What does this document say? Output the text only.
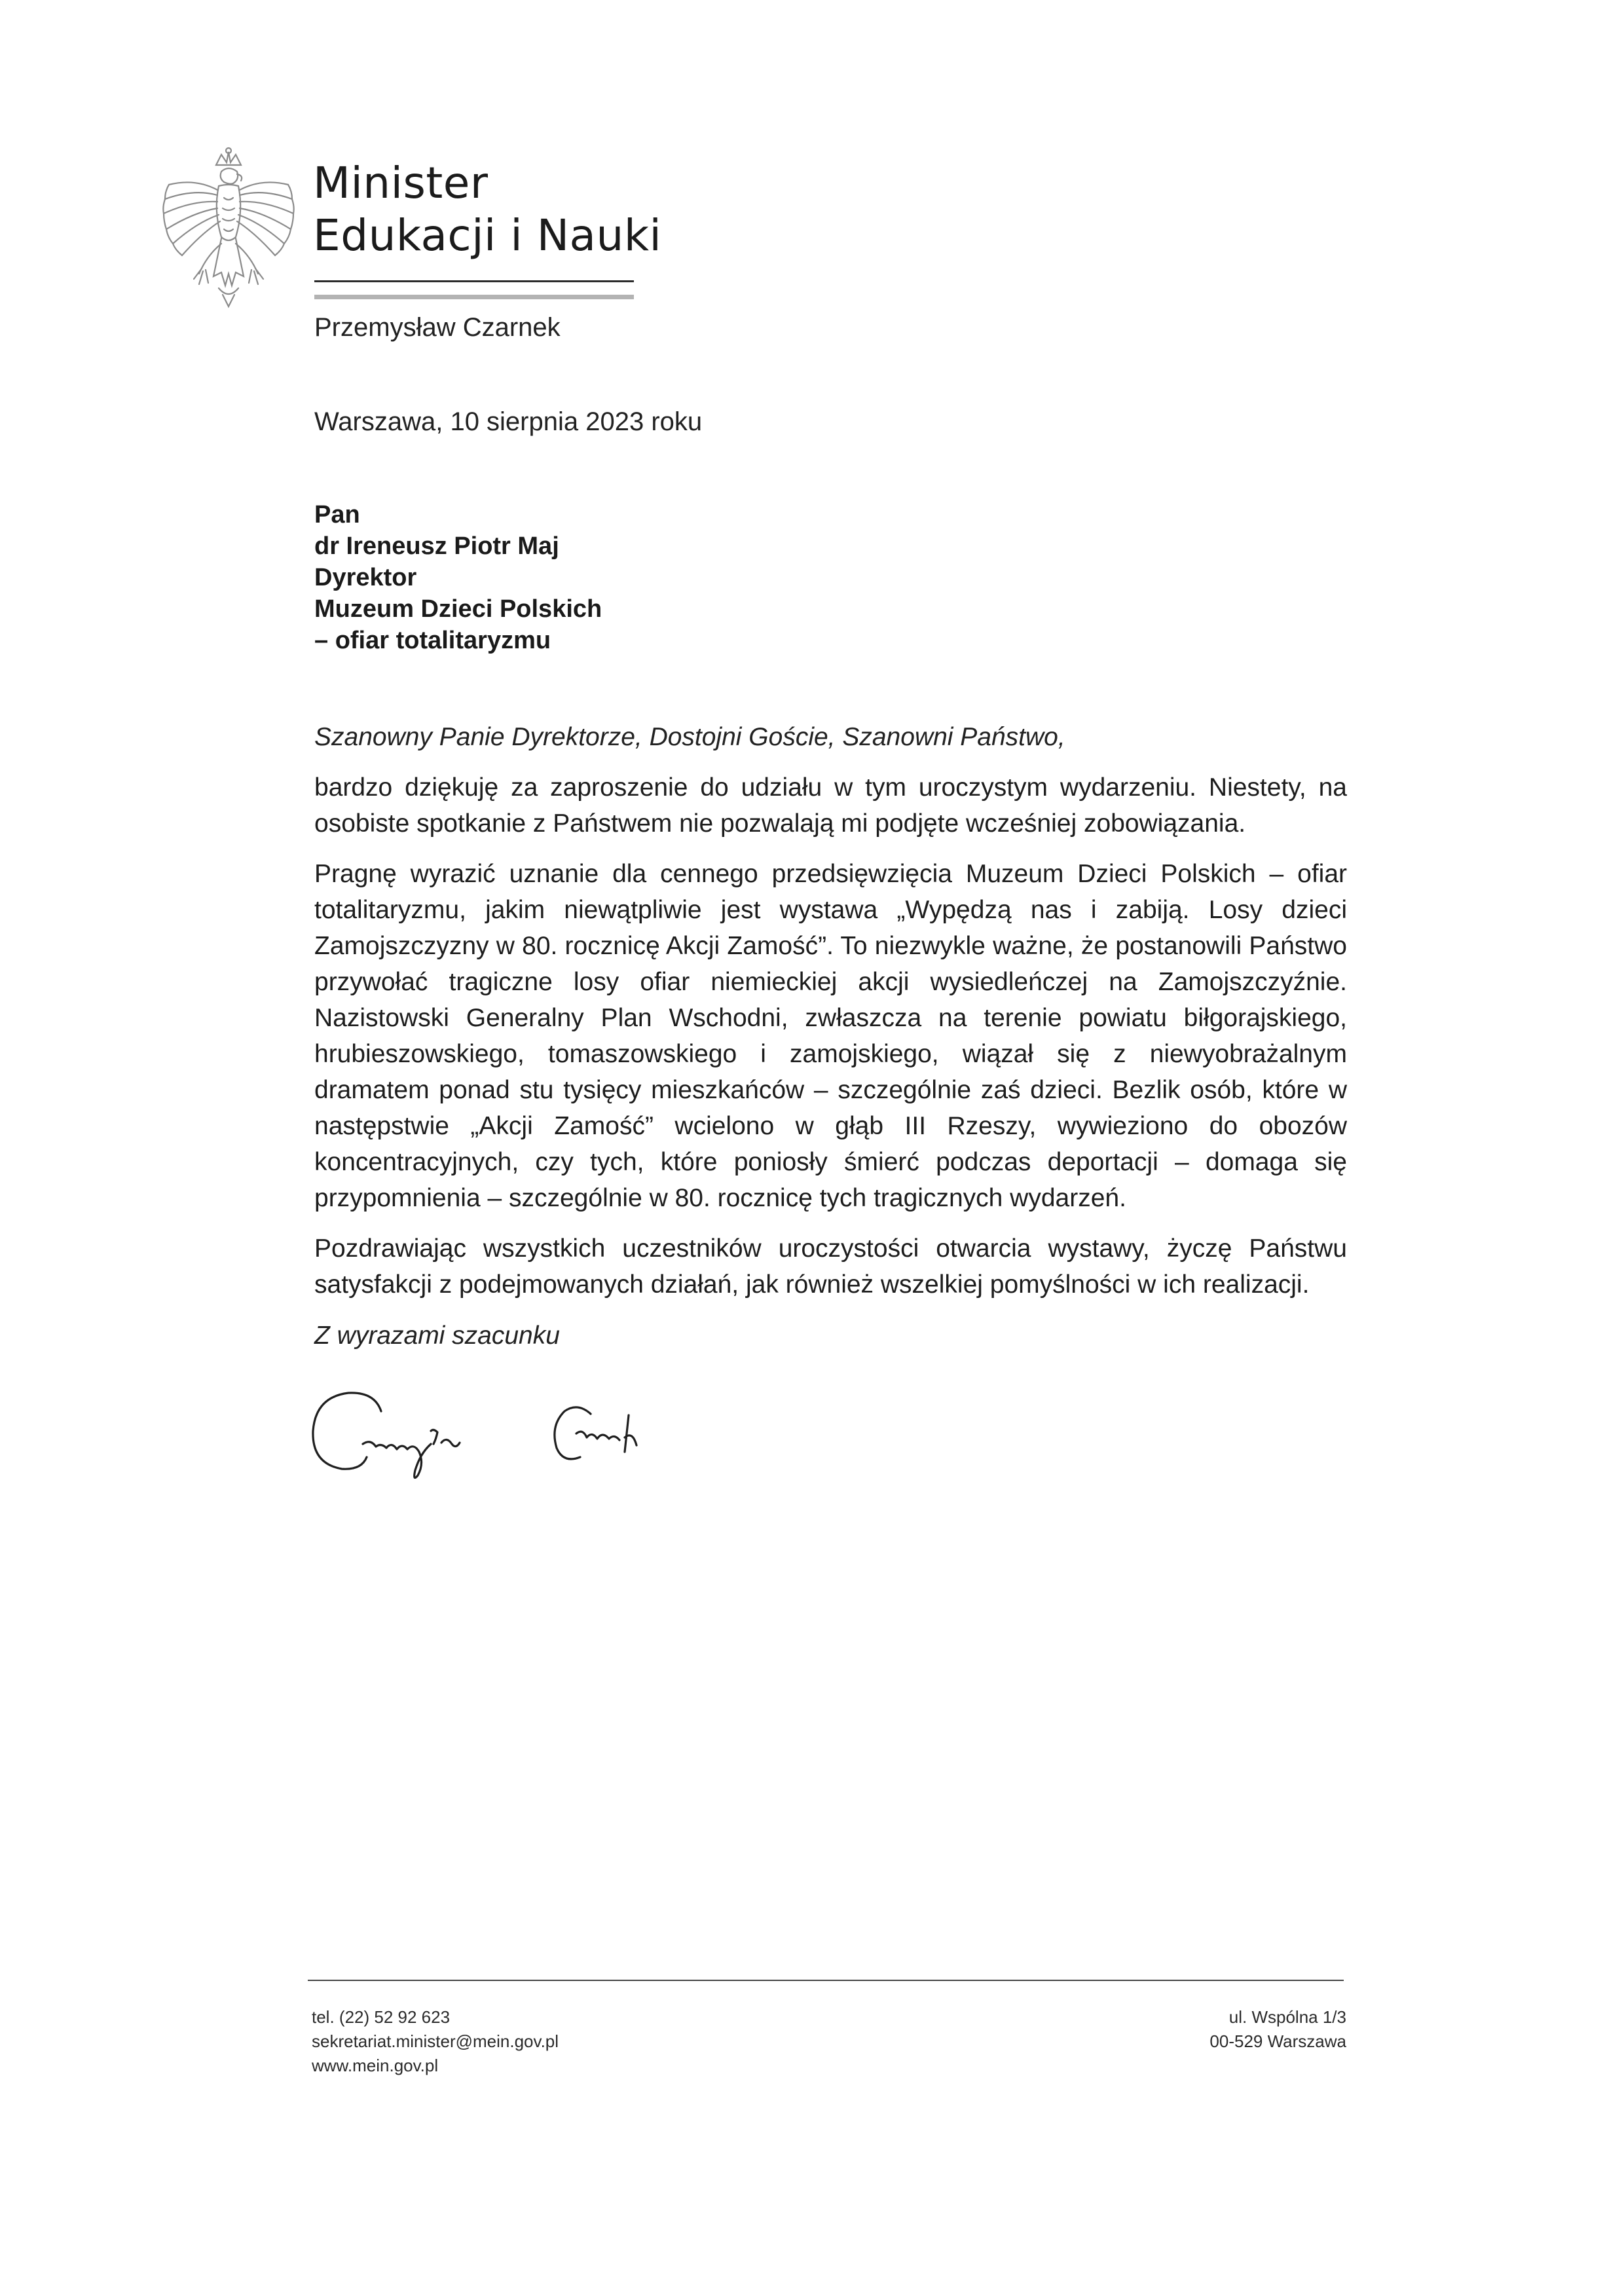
Minister
Edukacji i Nauki
Przemysław Czarnek
Warszawa, 10 sierpnia 2023 roku
Pan
dr Ireneusz Piotr Maj
Dyrektor
Muzeum Dzieci Polskich
– ofiar totalitaryzmu
Szanowny Panie Dyrektorze, Dostojni Goście, Szanowni Państwo,

bardzo dziękuję za zaproszenie do udziału w tym uroczystym wydarzeniu. Niestety, na osobiste spotkanie z Państwem nie pozwalają mi podjęte wcześniej zobowiązania.

Pragnę wyrazić uznanie dla cennego przedsięwzięcia Muzeum Dzieci Polskich – ofiar totalitaryzmu, jakim niewątpliwie jest wystawa „Wypędzą nas i zabiją. Losy dzieci Zamojszczyzny w 80. rocznicę Akcji Zamość”. To niezwykle ważne, że postanowili Państwo przywołać tragiczne losy ofiar niemieckiej akcji wysiedleńczej na Zamojszczyźnie. Nazistowski Generalny Plan Wschodni, zwłaszcza na terenie powiatu biłgorajskiego, hrubieszowskiego, tomaszowskiego i zamojskiego, wiązał się z niewyobrażalnym dramatem ponad stu tysięcy mieszkańców – szczególnie zaś dzieci. Bezlik osób, które w następstwie „Akcji Zamość” wcielono w głąb III Rzeszy, wywieziono do obozów koncentracyjnych, czy tych, które poniosły śmierć podczas deportacji – domaga się przypomnienia – szczególnie w 80. rocznicę tych tragicznych wydarzeń.

Pozdrawiając wszystkich uczestników uroczystości otwarcia wystawy, życzę Państwu satysfakcji z podejmowanych działań, jak również wszelkiej pomyślności w ich realizacji.

Z wyrazami szacunku
tel. (22) 52 92 623
sekretariat.minister@mein.gov.pl
www.mein.gov.pl
ul. Wspólna 1/3
00-529 Warszawa
